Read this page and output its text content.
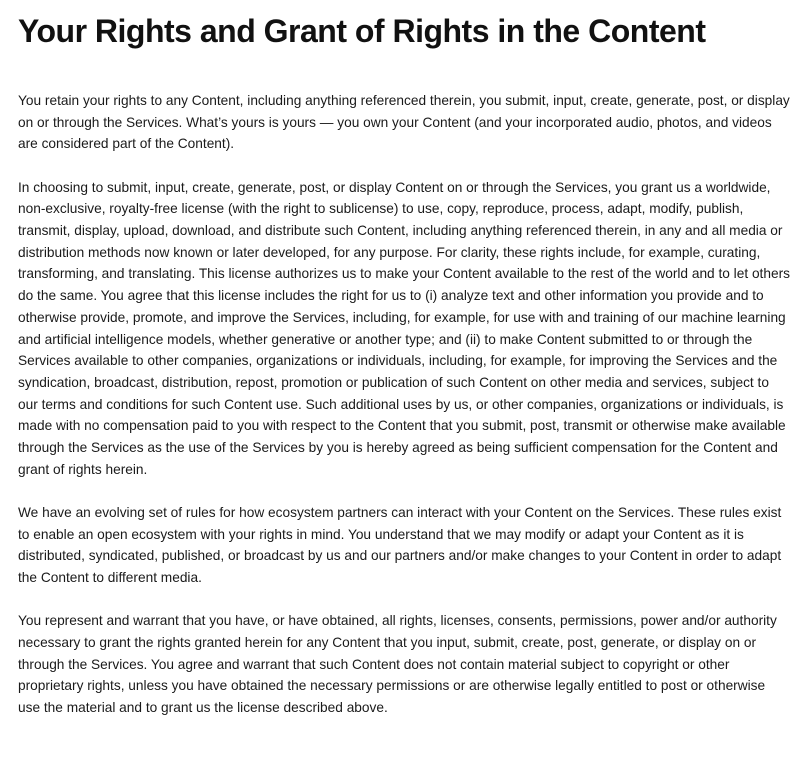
Your Rights and Grant of Rights in the Content

You retain your rights to any Content, including anything referenced therein, you submit, input, create, generate, post, or display on or through the Services. What’s yours is yours — you own your Content (and your incorporated audio, photos, and videos are considered part of the Content).

In choosing to submit, input, create, generate, post, or display Content on or through the Services, you grant us a worldwide, non-exclusive, royalty-free license (with the right to sublicense) to use, copy, reproduce, process, adapt, modify, publish, transmit, display, upload, download, and distribute such Content, including anything referenced therein, in any and all media or distribution methods now known or later developed, for any purpose. For clarity, these rights include, for example, curating, transforming, and translating. This license authorizes us to make your Content available to the rest of the world and to let others do the same. You agree that this license includes the right for us to (i) analyze text and other information you provide and to otherwise provide, promote, and improve the Services, including, for example, for use with and training of our machine learning and artificial intelligence models, whether generative or another type; and (ii) to make Content submitted to or through the Services available to other companies, organizations or individuals, including, for example, for improving the Services and the syndication, broadcast, distribution, repost, promotion or publication of such Content on other media and services, subject to our terms and conditions for such Content use. Such additional uses by us, or other companies, organizations or individuals, is made with no compensation paid to you with respect to the Content that you submit, post, transmit or otherwise make available through the Services as the use of the Services by you is hereby agreed as being sufficient compensation for the Content and grant of rights herein.

We have an evolving set of rules for how ecosystem partners can interact with your Content on the Services. These rules exist to enable an open ecosystem with your rights in mind. You understand that we may modify or adapt your Content as it is distributed, syndicated, published, or broadcast by us and our partners and/or make changes to your Content in order to adapt the Content to different media.

You represent and warrant that you have, or have obtained, all rights, licenses, consents, permissions, power and/or authority necessary to grant the rights granted herein for any Content that you input, submit, create, post, generate, or display on or through the Services. You agree and warrant that such Content does not contain material subject to copyright or other proprietary rights, unless you have obtained the necessary permissions or are otherwise legally entitled to post or otherwise use the material and to grant us the license described above.
